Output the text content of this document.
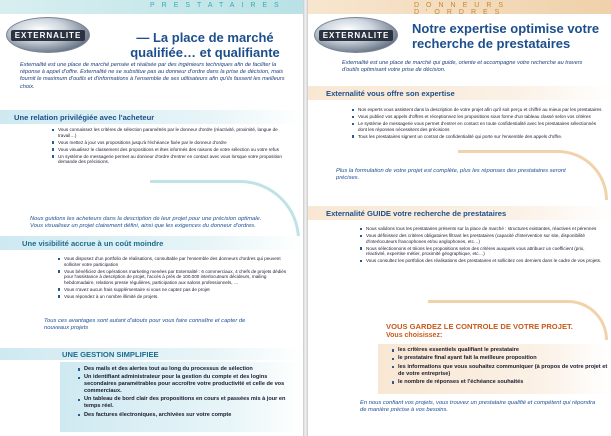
PRESTATAIRES
EXTERNALITE	— La place de marché qualifiée… et qualifiante
Externalité est une place de marché pensée et réalisée par des ingénieurs techniques afin de faciliter la réponse à appel d'offre. Externalité ne se substitue pas au donneur d'ordre dans la prise de décision, mais fournit le maximum d'outils et d'informations à l'ensemble de ses utilisateurs afin qu'ils fassent les meilleurs choix.
Une relation privilégiée avec l'acheteur
Vous connaissez les critères de sélection paramétrés par le donneur d'ordre (réactivité, proximité, langue de travail…)
Vous mettez à jour vos propositions jusqu'à l'échéance fixée par le donneur d'ordre
Vous visualisez le classement des propositions et êtes informés des raisons de votre sélection ou votre refus
Un système de messagerie permet au donneur d'ordre d'entrer en contact avec vous lorsque votre proposition demande des précisions.
Nous guidons les acheteurs dans la description de leur projet pour une précision optimale. Vous visualisez un projet clairement défini, ainsi que les exigences du donneur d'ordres.
Une visibilité accrue à un coût moindre
Vous disposez d'un portfolio de réalisations, consultable par l'ensemble des donneurs d'ordres qui peuvent solliciter votre participation
Vous bénéficiez des opérations marketing menées par Externalité : 6 commerciaux, 4 chefs de projets dédiés pour l'assistance à description de projet, l'accès à près de 100.000 interlocuteurs décideurs, mailing hebdomadaire, relations presse régulières, participation aux salons professionnels, …
Vous n'avez aucun frais supplémentaire si vous ne captez pas de projet
Vous répondez à un nombre illimité de projets.
Tous ces avantages sont autant d'atouts pour vous faire connaître et capter de nouveaux projets
UNE GESTION SIMPLIFIEE
Des mails et des alertes tout au long du processus de sélection
Un identifiant administrateur pour la gestion du compte et des logins secondaires paramétrables pour accroître votre productivité et celle de vos commerciaux.
Un tableau de bord clair des propositions en cours et passées mis à jour en temps réel.
Des factures électroniques, archivées sur votre compte
DONNEURS D'ORDRES
EXTERNALITE	Notre expertise optimise votre recherche de prestataires
Externalité est une place de marché qui guide, oriente et accompagne votre recherche au travers d'outils optimisant votre prise de décision.
Externalité vous offre son expertise
Nos experts vous assistent dans la description de votre projet afin qu'il soit perçu et chiffré au mieux par les prestataires
Vous publiez vos appels d'offres et réceptionnez les propositions sous forme d'un tableau classé selon vos critères
Le système de messagerie vous permet d'entrer en contact en toute confidentialité avec les prestataires sélectionnés dont les réponses nécessitent des précisions
Tous les prestataires signent un contrat de confidentialité qui porte sur l'ensemble des appels d'offre.
Plus la formulation de votre projet est complète, plus les réponses des prestataires seront précises.
Externalité GUIDE votre recherche de prestataires
Nous validons tous les prestataires présents sur la place de marché : structures existantes, réactives et pérennes
Vous définissez des critères obligatoires filtrant les prestataires (capacité d'intervention sur site, disponibilité d'interlocuteurs francophones et/ou anglophones, etc…)
Nous sélectionnons et triions les propositions selon des critères auxquels vous attribuez un coefficient (prix, réactivité, expertise métier, proximité géographique, etc…)
Vous consultez les portfolios des réalisations des prestataires et sollicitez ces derniers dans le cadre de vos projets.
VOUS GARDEZ LE CONTROLE DE VOTRE PROJET.
Vous choisissez:
les critères essentiels qualifiant le prestataire
le prestataire final ayant fait la meilleure proposition
les informations que vous souhaitez communiquer (à propos de votre projet et de votre entreprise)
le nombre de réponses et l'échéance souhaités
En nous confiant vos projets, vous trouvez un prestataire qualifié et compétent qui répondra de manière précise à vos besoins.
